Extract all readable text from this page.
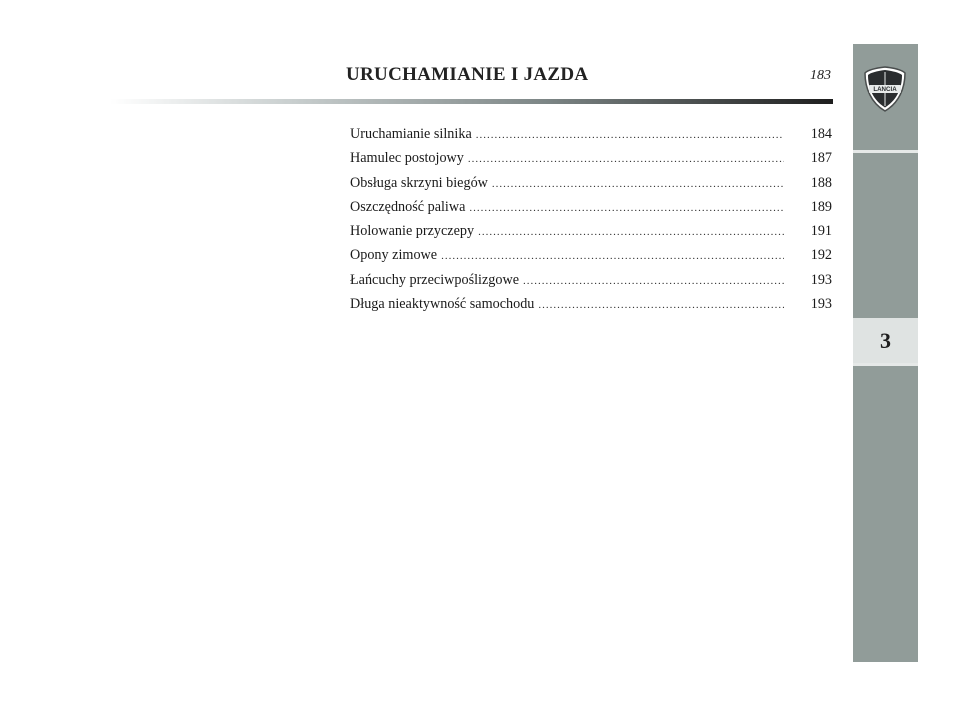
URUCHAMIANIE I JAZDA	183
Uruchamianie silnika .....	184
Hamulec postojowy .....	187
Obsługa skrzyni biegów .....	188
Oszczędność paliwa .....	189
Holowanie przyczepy .....	191
Opony zimowe .....	192
Łańcuchy przeciwpoślizgowe .....	193
Długa nieaktywność samochodu .....	193
3
LANCIA
